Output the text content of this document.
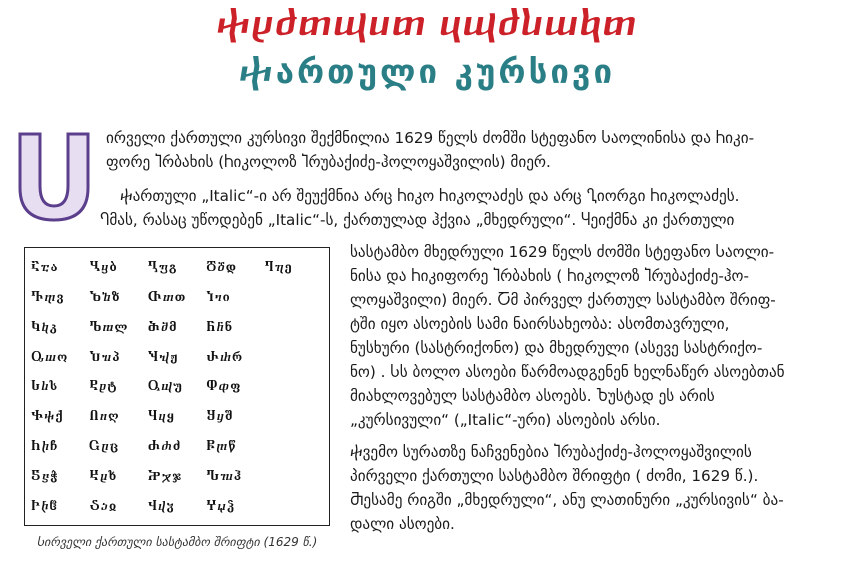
ⴕⴞⴛⴇⴓⴎⴇ ⴗⴓⴛⴑⴍⴉⴇ
ⴕართული კურსივი
ირველი ქართული კურსივი შექმნილია 1629 წელს ძომში სტეფანო Ⴑაოლინისა და Ⴙიკი-
ფორე Ⴈრბახის (Ⴙიკოლოზ Ⴈრუბაქიძე-ჰოლოყაშვილის) მიერ.
ⴕართული „Italic“-ი არ შეუქმნია არც Ⴙიკო Ⴙიკოლაძეს და არც Ⴂიორგი Ⴙიკოლაძეს.
Ⴄმას, რასაც უწოდებენ „Italic“-ს, ქართულად ჰქვია „მხედრული“. Ⴗეიქმნა კი ქართული
სასტამბო მხედრული 1629 წელს ძომში სტეფანო Ⴑაოლი-
ნისა და Ⴙიკიფორე Ⴈრბახის ( Ⴙიკოლოზ Ⴈრუბაქიძე-ჰო-
ლოყაშვილი) მიერ. Ⴀმ პირველ ქართულ სასტამბო შრიფ-
ტში იყო ასოების სამი ნაირსახეობა: ასომთავრული,
ნუსხური (სასტრიქონო) და მხედრული (ასევე სასტრიქო-
ნო) . Ⴑს ბოლო ასოები წარმოადგენენ ხელნაწერ ასოებთან
მიახლოვებულ სასტამბო ასოებს. Ⴆუსტად ეს არის
„კურსივული“ („Italic“-ური) ასოების არსი.
ⴕვემო სურათზე ნაჩვენებია Ⴈრუბაქიძე-ჰოლოყაშვილის
პირველი ქართული სასტამბო შრიფტი ( ძომი, 1629 წ.).
Ⴋესამე რიგში „მხედრული“, ანუ ლათინური „კურსივის“ ბა-
დალი ასოები.
Ⴀⴀა	Ⴁⴁბ	Ⴂⴂგ	Ⴃⴃდ	Ⴄⴄე
Ⴅⴅვ	Ⴆⴆზ	Ⴇⴇთ	Ⴈⴈი
Ⴉⴉკ	Ⴊⴊლ	Ⴋⴋმ	Ⴌⴌნ
Ⴍⴍო	Ⴎⴎპ	Ⴏⴏჟ	Ⴐⴐრ
Ⴑⴑს	Ⴒⴒტ	Ⴓⴓუ	Ⴔⴔფ
Ⴕⴕქ	Ⴖⴖღ	Ⴗⴗყ	Ⴘⴘშ
Ⴙⴙჩ	Ⴚⴚც	Ⴛⴛძ	Ⴜⴜწ
Ⴝⴝჭ	Ⴞⴞხ	Ⴟⴟჯ	Ⴠⴠჰ
Ⴡⴡჱ	Ⴢⴢჲ	Ⴣⴣჳ	Ⴤⴤჴ
Ⴑირველი ქართული სასტამბო შრიფტი (1629 წ.)
